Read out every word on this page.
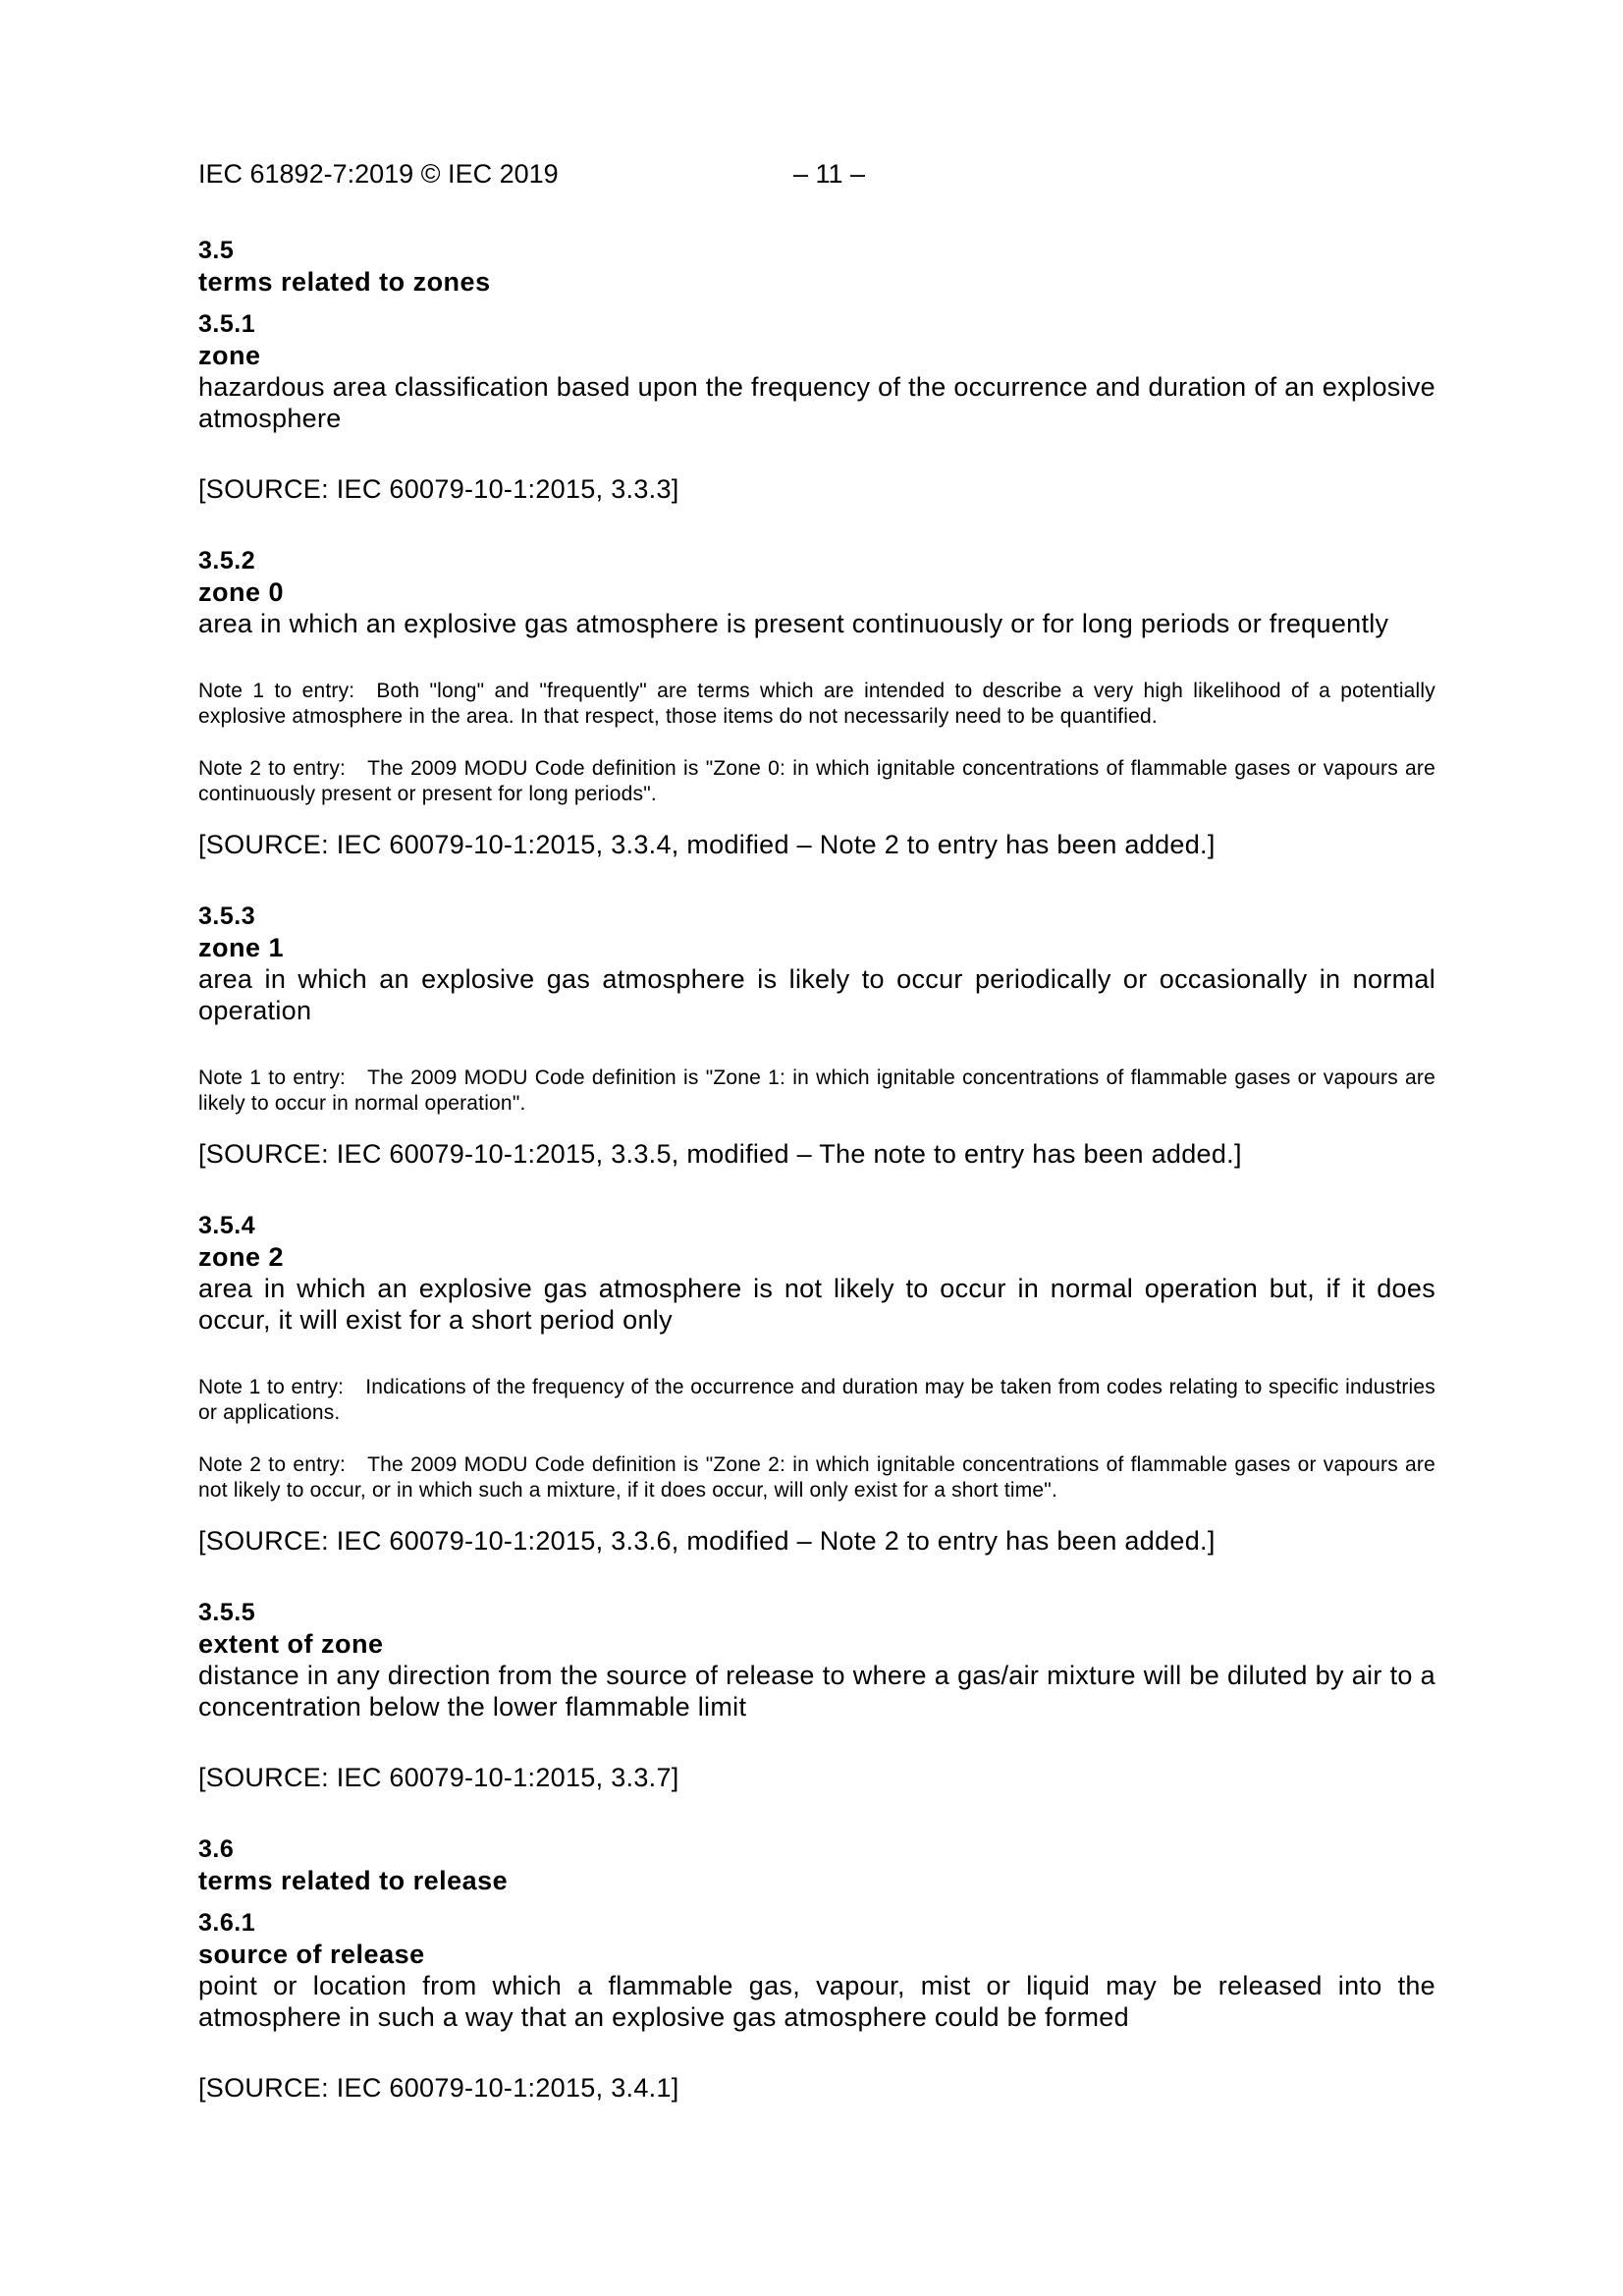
IEC 61892-7:2019 © IEC 2019	– 11 –
3.5
terms related to zones
3.5.1
zone
hazardous area classification based upon the frequency of the occurrence and duration of an explosive atmosphere
[SOURCE: IEC 60079-10-1:2015, 3.3.3]
3.5.2
zone 0
area in which an explosive gas atmosphere is present continuously or for long periods or frequently
Note 1 to entry: Both "long" and "frequently" are terms which are intended to describe a very high likelihood of a potentially explosive atmosphere in the area. In that respect, those items do not necessarily need to be quantified.
Note 2 to entry: The 2009 MODU Code definition is "Zone 0: in which ignitable concentrations of flammable gases or vapours are continuously present or present for long periods".
[SOURCE: IEC 60079-10-1:2015, 3.3.4, modified – Note 2 to entry has been added.]
3.5.3
zone 1
area in which an explosive gas atmosphere is likely to occur periodically or occasionally in normal operation
Note 1 to entry: The 2009 MODU Code definition is "Zone 1: in which ignitable concentrations of flammable gases or vapours are likely to occur in normal operation".
[SOURCE: IEC 60079-10-1:2015, 3.3.5, modified – The note to entry has been added.]
3.5.4
zone 2
area in which an explosive gas atmosphere is not likely to occur in normal operation but, if it does occur, it will exist for a short period only
Note 1 to entry: Indications of the frequency of the occurrence and duration may be taken from codes relating to specific industries or applications.
Note 2 to entry: The 2009 MODU Code definition is "Zone 2: in which ignitable concentrations of flammable gases or vapours are not likely to occur, or in which such a mixture, if it does occur, will only exist for a short time".
[SOURCE: IEC 60079-10-1:2015, 3.3.6, modified – Note 2 to entry has been added.]
3.5.5
extent of zone
distance in any direction from the source of release to where a gas/air mixture will be diluted by air to a concentration below the lower flammable limit
[SOURCE: IEC 60079-10-1:2015, 3.3.7]
3.6
terms related to release
3.6.1
source of release
point or location from which a flammable gas, vapour, mist or liquid may be released into the atmosphere in such a way that an explosive gas atmosphere could be formed
[SOURCE: IEC 60079-10-1:2015, 3.4.1]
